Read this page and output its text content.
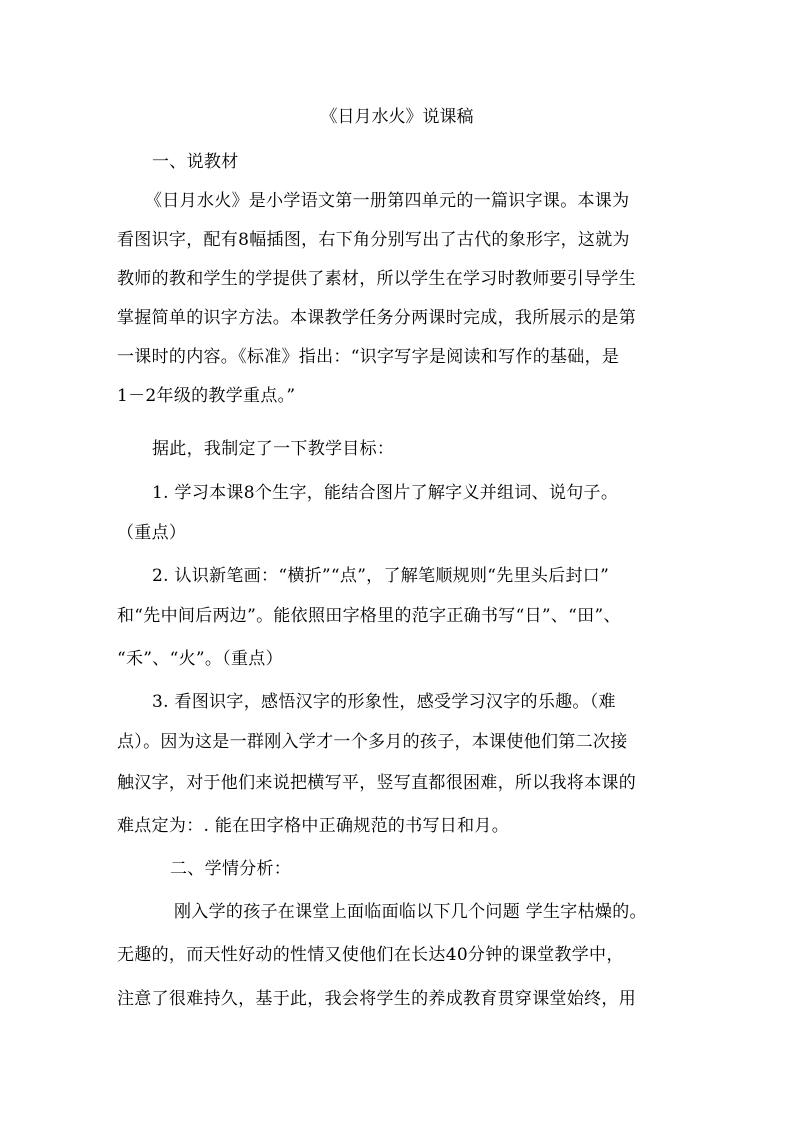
《日月水火》说课稿
一、说教材
《日月水火》是小学语文第一册第四单元的一篇识字课。本课为
看图识字，配有8幅插图，右下角分别写出了古代的象形字，这就为
教师的教和学生的学提供了素材，所以学生在学习时教师要引导学生
掌握简单的识字方法。本课教学任务分两课时完成，我所展示的是第
一课时的内容。《标准》指出：“识字写字是阅读和写作的基础，是
1－2年级的教学重点。”
据此，我制定了一下教学目标：
1. 学习本课8个生字，能结合图片了解字义并组词、说句子。
（重点）
2. 认识新笔画：“横折”“点”，了解笔顺规则“先里头后封口”
和“先中间后两边”。能依照田字格里的范字正确书写“日”、“田”、
“禾”、“火”。（重点）
3. 看图识字，感悟汉字的形象性，感受学习汉字的乐趣。（难
点）。因为这是一群刚入学才一个多月的孩子，本课使他们第二次接
触汉字，对于他们来说把横写平，竖写直都很困难，所以我将本课的
难点定为：. 能在田字格中正确规范的书写日和月。
二、学情分析：
刚入学的孩子在课堂上面临面临以下几个问题 学生字枯燥的。
无趣的，而天性好动的性情又使他们在长达40分钟的课堂教学中，
注意了很难持久，基于此，我会将学生的养成教育贯穿课堂始终，用
